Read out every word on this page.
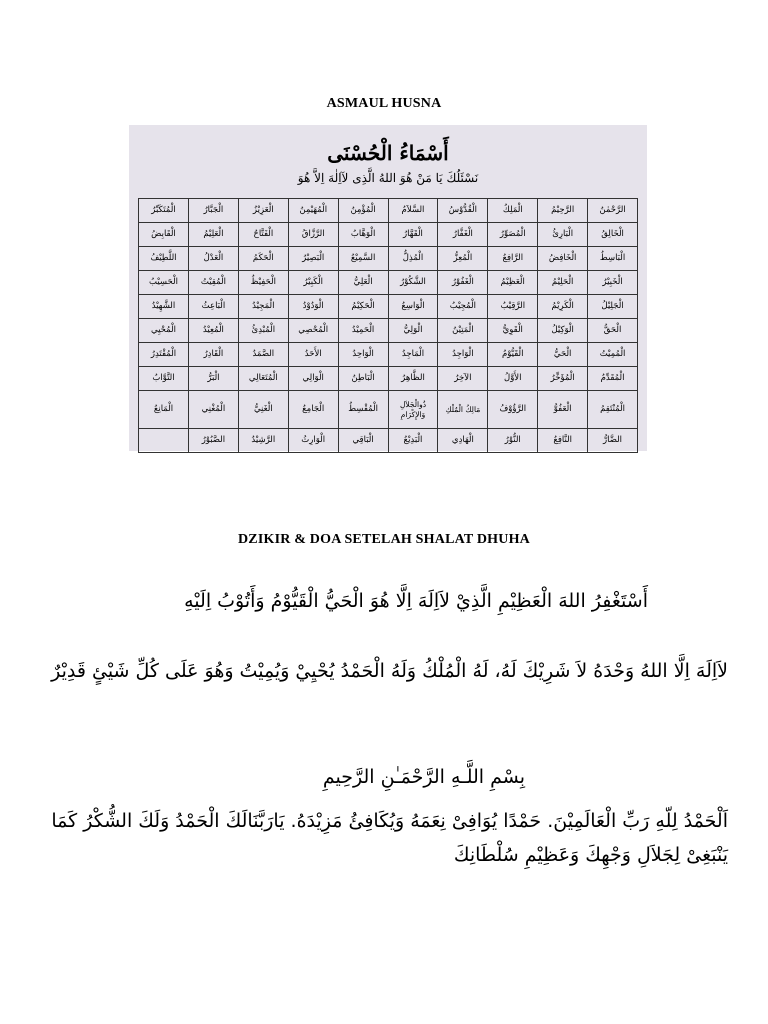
ASMAUL HUSNA
أَسْمَاءُ الْحُسْنَى
نَسْئَلُكَ يَا مَنْ هُوَ اللهُ الَّذِى لآاِلٰهَ اِلاَّ هُوَ
الرَّحْمٰنُ	الرَّحِيْمُ	الْمَلِكُ	الْقُدُّوْسُ	السَّلاَمُ	الْمُؤْمِنُ	الْمُهَيْمِنُ	الْعَزِيْزُ	الْجَبَّارُ	الْمُتَكَبِّرُ
الْخَالِقُ	الْبَارِئُ	الْمُصَوِّرُ	الْغَفَّارُ	الْقَهَّارُ	الْوَهَّابُ	الرَّزَّاقُ	الْفَتَّاحُ	الْعَلِيْمُ	الْقَابِضُ
الْبَاسِطُ	الْخَافِضُ	الرَّافِعُ	الْمُعِزُّ	الْمُذِلُّ	السَّمِيْعُ	الْبَصِيْرُ	الْحَكَمُ	الْعَدْلُ	اللَّطِيْفُ
الْخَبِيْرُ	الْحَلِيْمُ	الْعَظِيْمُ	الْغَفُوْرُ	الشَّكُوْرُ	الْعَلِيُّ	الْكَبِيْرُ	الْحَفِيْظُ	الْمُقِيْتُ	الْحَسِيْبُ
الْجَلِيْلُ	الْكَرِيْمُ	الرَّقِيْبُ	الْمُجِيْبُ	الْوَاسِعُ	الْحَكِيْمُ	الْوَدُوْدُ	الْمَجِيْدُ	الْبَاعِثُ	الشَّهِيْدُ
الْحَقُّ	الْوَكِيْلُ	الْقَوِيُّ	الْمَتِيْنُ	الْوَلِيُّ	الْحَمِيْدُ	الْمُحْصِي	الْمُبْدِئُ	الْمُعِيْدُ	الْمُحْيِي
الْمُمِيْتُ	الْحَيُّ	الْقَيُّوْمُ	الْوَاجِدُ	الْمَاجِدُ	الْوَاحِدُ	الأَحَدُ	الصَّمَدُ	الْقَادِرُ	الْمُقْتَدِرُ
الْمُقَدِّمُ	الْمُؤَخِّرُ	الأَوَّلُ	الآخِرُ	الظَّاهِرُ	الْبَاطِنُ	الْوَالِي	الْمُتَعَالِي	الْبَرُّ	التَّوَّابُ
الْمُنْتَقِمُ	الْعَفُوُّ	الرَّؤُوْفُ	مَالِكُ الْمُلْكِ	ذُوالْجَلاَلِ وَالإِكْرَامِ	الْمُقْسِطُ	الْجَامِعُ	الْغَنِيُّ	الْمُغْنِي	الْمَانِعُ
الضَّارُّ	النَّافِعُ	النُّوْرُ	الْهَادِي	الْبَدِيْعُ	الْبَاقِي	الْوَارِثُ	الرَّشِيْدُ	الصَّبُوْرُ	
DZIKIR & DOA SETELAH SHALAT DHUHA
أَسْتَغْفِرُ اللهَ الْعَظِيْمِ الَّذِيْ لاَاِلَهَ اِلَّا هُوَ الْحَيُّ الْقَيُّوْمُ وَأَتُوْبُ اِلَيْهِ
لاَاِلَهَ اِلَّا اللهُ وَحْدَهُ لاَ شَرِيْكَ لَهُ، لَهُ الْمُلْكُ وَلَهُ الْحَمْدُ يُحْيِيْ وَيُمِيْتُ وَهُوَ عَلَى كُلِّ شَيْئٍ قَدِيْرٌ
بِسْمِ اللَّـهِ الرَّحْمَـٰنِ الرَّحِيمِ
اَلْحَمْدُ لِلّهِ رَبِّ الْعَالَمِيْنَ. حَمْدًا يُوَافِىْ نِعَمَهُ وَيُكَافِئُ مَزِيْدَهُ. يَارَبَّنَالَكَ الْحَمْدُ وَلَكَ الشُّكْرُ كَمَا يَنْبَغِىْ لِجَلاَلِ وَجْهِكَ وَعَظِيْمِ سُلْطَانِكَ
